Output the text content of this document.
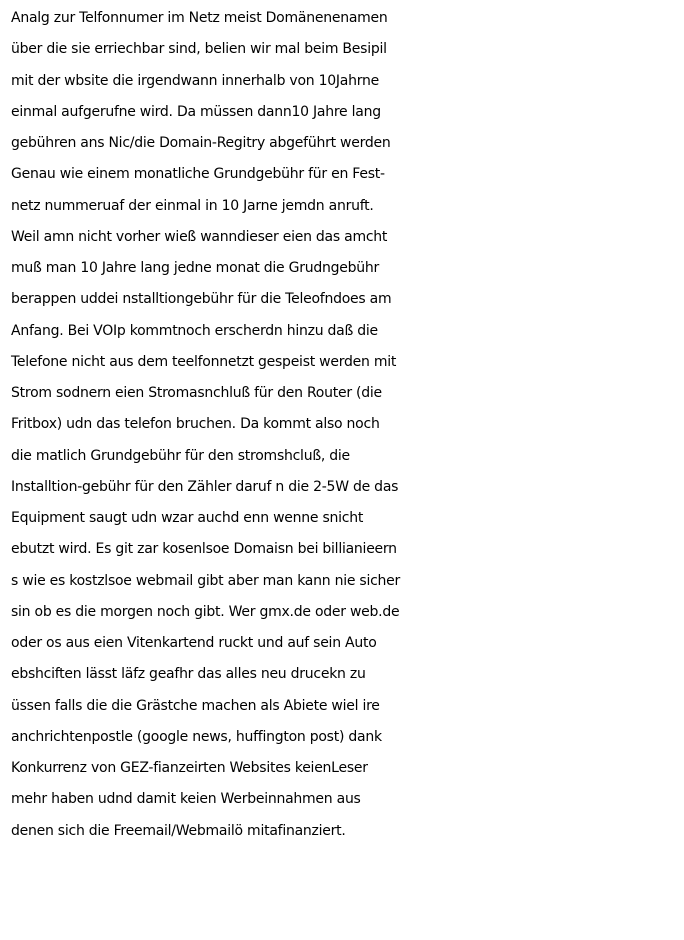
Analg zur Telfonnumer im Netz meist Domänenenamen
über die sie erriechbar sind, belien wir mal beim Besipil
mit der wbsite die irgendwann innerhalb von 10Jahrne
einmal aufgerufne wird. Da müssen dann10 Jahre lang
gebühren ans Nic/die Domain-Regitry abgeführt werden
Genau wie einem monatliche Grundgebühr für en Fest-
netz nummeruaf der einmal in 10 Jarne jemdn anruft.
Weil amn nicht vorher wieß wanndieser eien das amcht
muß man 10 Jahre lang jedne monat die Grudngebühr
berappen uddei nstalltiongebühr für die Teleofndoes am
Anfang. Bei VOIp kommtnoch erscherdn hinzu daß die
Telefone nicht aus dem teelfonnetzt gespeist werden mit
Strom sodnern eien Stromasnchluß für den Router (die
Fritbox) udn das telefon bruchen. Da kommt also noch
die matlich Grundgebühr für den stromshcluß, die
Installtion-gebühr für den Zähler daruf n die 2-5W de das
Equipment saugt udn wzar auchd enn wenne snicht
ebutzt wird. Es git zar kosenlsoe Domaisn bei billianieern
s wie es kostzlsoe webmail gibt aber man kann nie sicher
sin ob es die morgen noch gibt. Wer gmx.de oder web.de
oder os aus eien Vitenkartend ruckt und auf sein Auto
ebshciften lässt läfz geafhr das alles neu drucekn zu
üssen falls die die Grästche machen als Abiete wiel ire
anchrichtenpostle (google news, huffington post) dank
Konkurrenz von GEZ-fianzeirten Websites keienLeser
mehr haben udnd damit keien Werbeinnahmen aus
denen sich die Freemail/Webmailö mitafinanziert.
